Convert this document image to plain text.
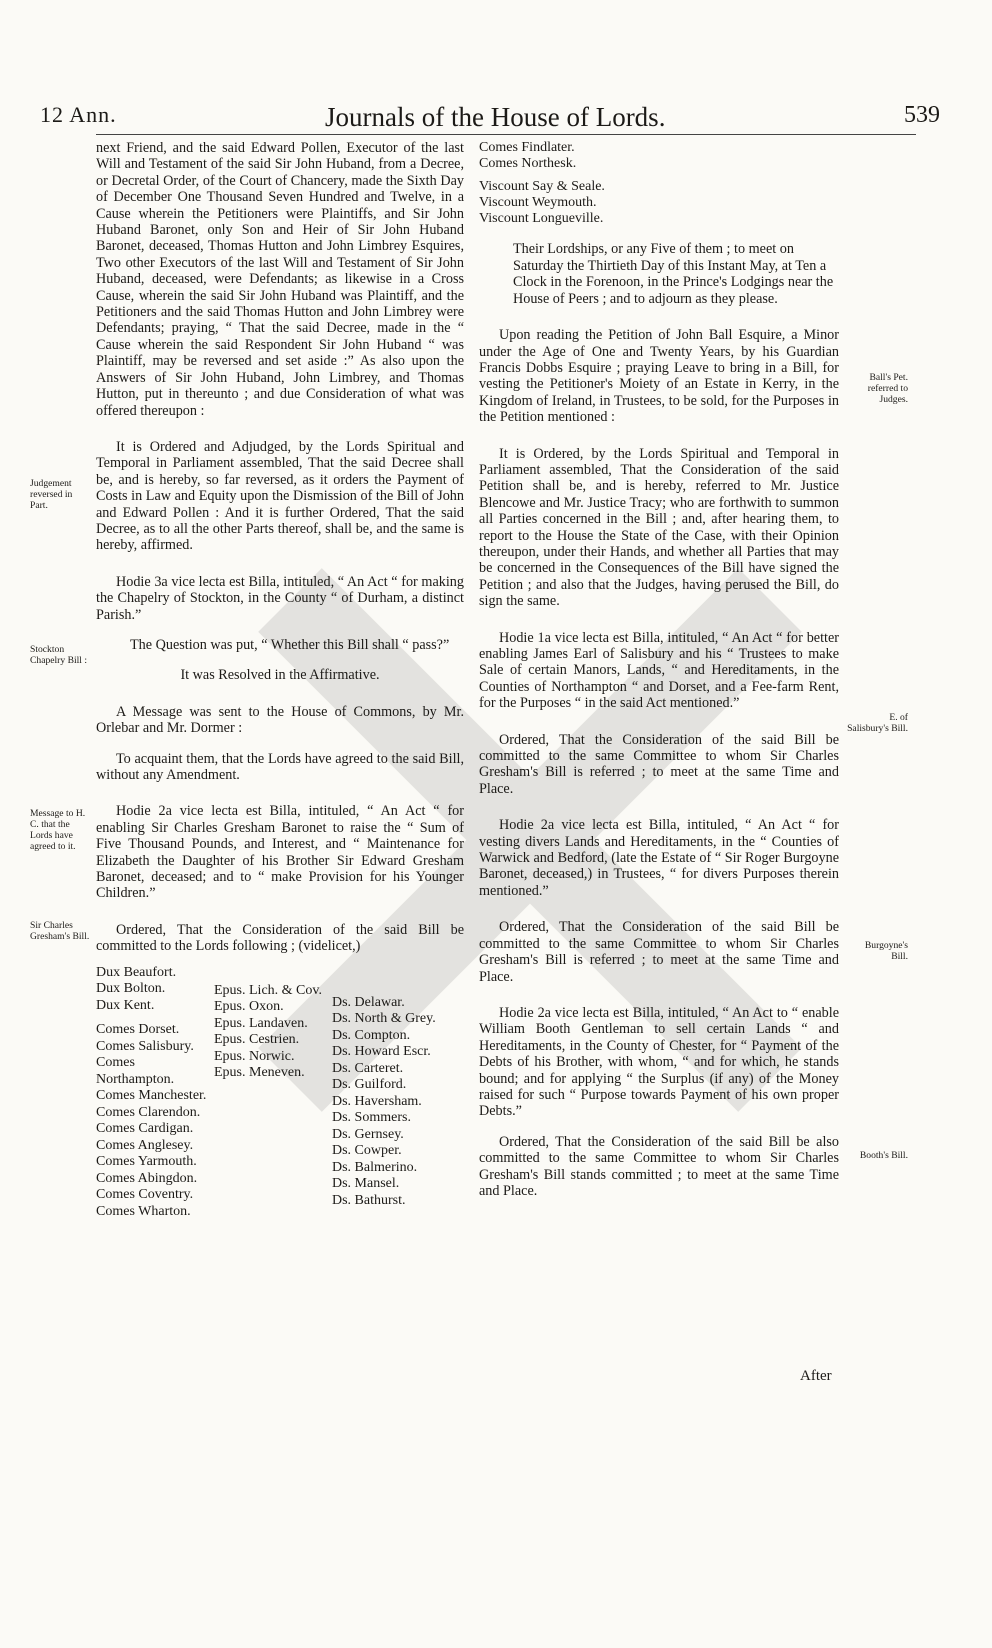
12 Ann.	Journals of the House of Lords.	539
Judgement reversed in Part.
Stockton Chapelry Bill :
Message to H. C. that the Lords have agreed to it.
Sir Charles Gresham's Bill.
Ball's Pet. referred to Judges.
E. of Salisbury's Bill.
Burgoyne's Bill.
Booth's Bill.

next Friend, and the said Edward Pollen, Executor of the last Will and Testament of the said Sir John Huband, from a Decree, or Decretal Order, of the Court of Chancery, made the Sixth Day of December One Thousand Seven Hundred and Twelve, in a Cause wherein the Petitioners were Plaintiffs, and Sir John Huband Baronet, only Son and Heir of Sir John Huband Baronet, deceased, Thomas Hutton and John Limbrey Esquires, Two other Executors of the last Will and Testament of Sir John Huband, deceased, were Defendants; as likewise in a Cross Cause, wherein the said Sir John Huband was Plaintiff, and the Petitioners and the said Thomas Hutton and John Limbrey were Defendants; praying, “ That the said Decree, made in the “ Cause wherein the said Respondent Sir John Huband “ was Plaintiff, may be reversed and set aside :” As also upon the Answers of Sir John Huband, John Limbrey, and Thomas Hutton, put in thereunto ; and due Consideration of what was offered thereupon :

It is Ordered and Adjudged, by the Lords Spiritual and Temporal in Parliament assembled, That the said Decree shall be, and is hereby, so far reversed, as it orders the Payment of Costs in Law and Equity upon the Dismission of the Bill of John and Edward Pollen : And it is further Ordered, That the said Decree, as to all the other Parts thereof, shall be, and the same is hereby, affirmed.

Hodie 3a vice lecta est Billa, intituled, “ An Act “ for making the Chapelry of Stockton, in the County “ of Durham, a distinct Parish.”

The Question was put, “ Whether this Bill shall “ pass?”

It was Resolved in the Affirmative.

A Message was sent to the House of Commons, by Mr. Orlebar and Mr. Dormer :

To acquaint them, that the Lords have agreed to the said Bill, without any Amendment.

Hodie 2a vice lecta est Billa, intituled, “ An Act “ for enabling Sir Charles Gresham Baronet to raise the “ Sum of Five Thousand Pounds, and Interest, and “ Maintenance for Elizabeth the Daughter of his Brother Sir Edward Gresham Baronet, deceased; and to “ make Provision for his Younger Children.”

Ordered, That the Consideration of the said Bill be committed to the Lords following ; (videlicet,)

Dux Beaufort.
Dux Bolton.
Dux Kent.
Comes Dorset.
Comes Salisbury.
Comes Northampton.
Comes Manchester.
Comes Clarendon.
Comes Cardigan.
Comes Anglesey.
Comes Yarmouth.
Comes Abingdon.
Comes Coventry.
Comes Wharton.
Epus. Lich. & Cov.
Epus. Oxon.
Epus. Landaven.
Epus. Cestrien.
Epus. Norwic.
Epus. Meneven.
Ds. Delawar.
Ds. North & Grey.
Ds. Compton.
Ds. Howard Escr.
Ds. Carteret.
Ds. Guilford.
Ds. Haversham.
Ds. Sommers.
Ds. Gernsey.
Ds. Cowper.
Ds. Balmerino.
Ds. Mansel.
Ds. Bathurst.
Comes Findlater.
Comes Northesk.
Viscount Say & Seale.
Viscount Weymouth.
Viscount Longueville.

Their Lordships, or any Five of them ; to meet on Saturday the Thirtieth Day of this Instant May, at Ten a Clock in the Forenoon, in the Prince's Lodgings near the House of Peers ; and to adjourn as they please.

Upon reading the Petition of John Ball Esquire, a Minor under the Age of One and Twenty Years, by his Guardian Francis Dobbs Esquire ; praying Leave to bring in a Bill, for vesting the Petitioner's Moiety of an Estate in Kerry, in the Kingdom of Ireland, in Trustees, to be sold, for the Purposes in the Petition mentioned :

It is Ordered, by the Lords Spiritual and Temporal in Parliament assembled, That the Consideration of the said Petition shall be, and is hereby, referred to Mr. Justice Blencowe and Mr. Justice Tracy; who are forthwith to summon all Parties concerned in the Bill ; and, after hearing them, to report to the House the State of the Case, with their Opinion thereupon, under their Hands, and whether all Parties that may be concerned in the Consequences of the Bill have signed the Petition ; and also that the Judges, having perused the Bill, do sign the same.

Hodie 1a vice lecta est Billa, intituled, “ An Act “ for better enabling James Earl of Salisbury and his “ Trustees to make Sale of certain Manors, Lands, “ and Hereditaments, in the Counties of Northampton “ and Dorset, and a Fee-farm Rent, for the Purposes “ in the said Act mentioned.”

Ordered, That the Consideration of the said Bill be committed to the same Committee to whom Sir Charles Gresham's Bill is referred ; to meet at the same Time and Place.

Hodie 2a vice lecta est Billa, intituled, “ An Act “ for vesting divers Lands and Hereditaments, in the “ Counties of Warwick and Bedford, (late the Estate of “ Sir Roger Burgoyne Baronet, deceased,) in Trustees, “ for divers Purposes therein mentioned.”

Ordered, That the Consideration of the said Bill be committed to the same Committee to whom Sir Charles Gresham's Bill is referred ; to meet at the same Time and Place.

Hodie 2a vice lecta est Billa, intituled, “ An Act to “ enable William Booth Gentleman to sell certain Lands “ and Hereditaments, in the County of Chester, for “ Payment of the Debts of his Brother, with whom, “ and for which, he stands bound; and for applying “ the Surplus (if any) of the Money raised for such “ Purpose towards Payment of his own proper Debts.”

Ordered, That the Consideration of the said Bill be also committed to the same Committee to whom Sir Charles Gresham's Bill stands committed ; to meet at the same Time and Place.

After
